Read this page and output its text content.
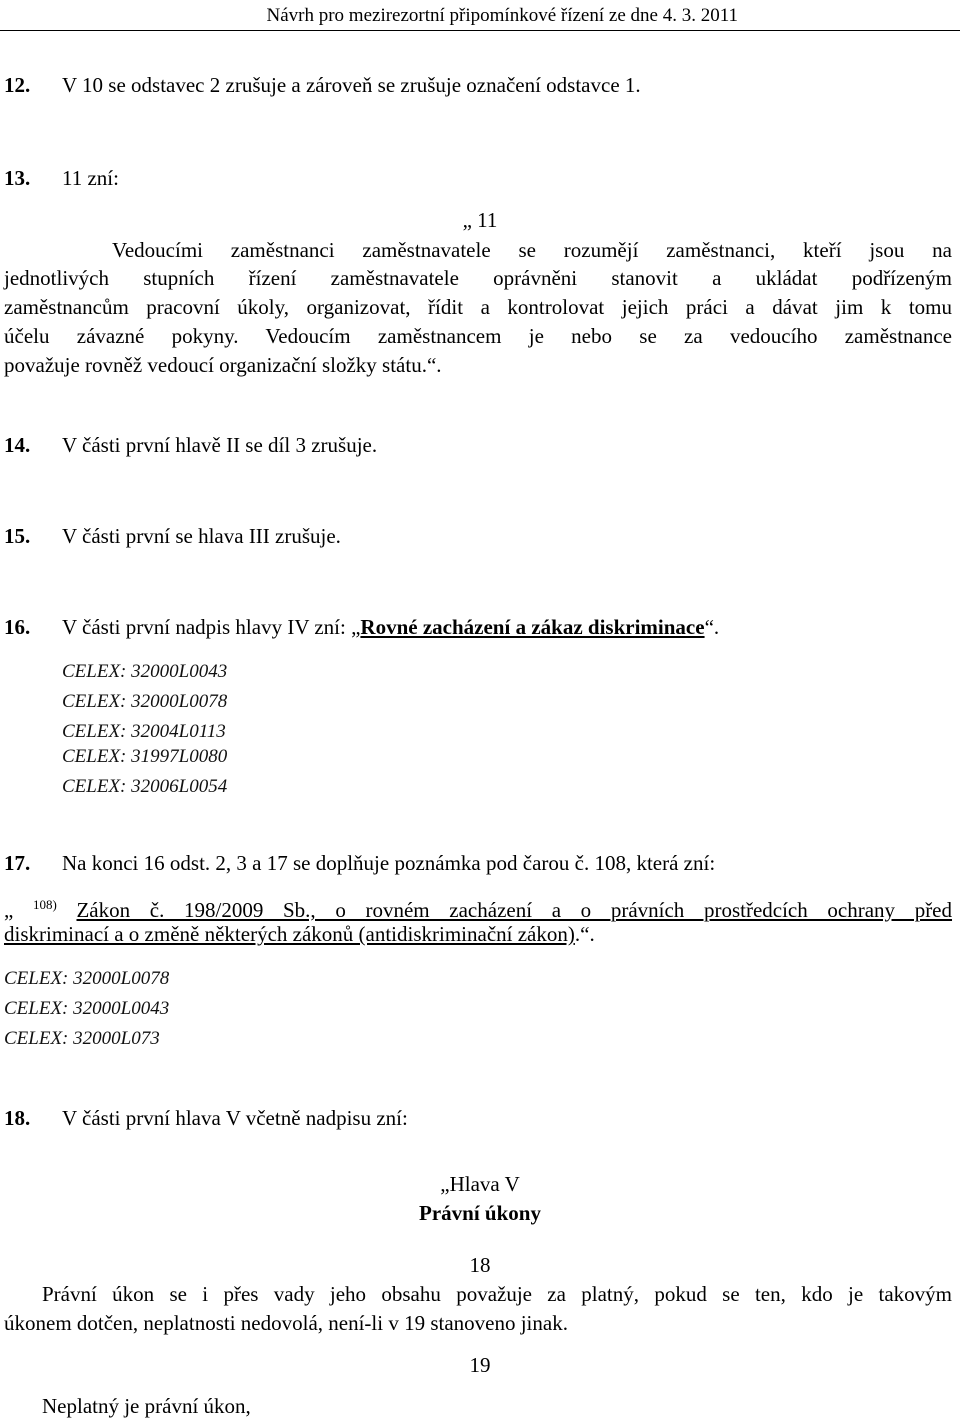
Návrh pro mezirezortní připomínkové řízení ze dne 4. 3. 2011
12. V 10 se odstavec 2 zrušuje a zároveň se zrušuje označení odstavce 1.
13. 11 zní:
„ 11
Vedoucími zaměstnanci zaměstnavatele se rozumějí zaměstnanci, kteří jsou na
jednotlivých stupních řízení zaměstnavatele oprávněni stanovit a ukládat podřízeným
zaměstnancům pracovní úkoly, organizovat, řídit a kontrolovat jejich práci a dávat jim k tomu
účelu závazné pokyny. Vedoucím zaměstnancem je nebo se za vedoucího zaměstnance
považuje rovněž vedoucí organizační složky státu.“.
14. V části první hlavě II se díl 3 zrušuje.
15. V části první se hlava III zrušuje.
16. V části první nadpis hlavy IV zní: „Rovné zacházení a zákaz diskriminace“.
CELEX: 32000L0043
CELEX: 32000L0078
CELEX: 32004L0113
CELEX: 31997L0080
CELEX: 32006L0054
17. Na konci 16 odst. 2, 3 a 17 se doplňuje poznámka pod čarou č. 108, která zní:
„ $^{108)}$ Zákon č. 198/2009 Sb., o rovném zacházení a o právních prostředcích ochrany před
diskriminací a o změně některých zákonů (antidiskriminační zákon).“.
CELEX: 32000L0078
CELEX: 32000L0043
CELEX: 32000L073
18. V části první hlava V včetně nadpisu zní:
„Hlava V
Právní úkony
18
Právní úkon se i přes vady jeho obsahu považuje za platný, pokud se ten, kdo je takovým
úkonem dotčen, neplatnosti nedovolá, není-li v 19 stanoveno jinak.
19
Neplatný je právní úkon,
